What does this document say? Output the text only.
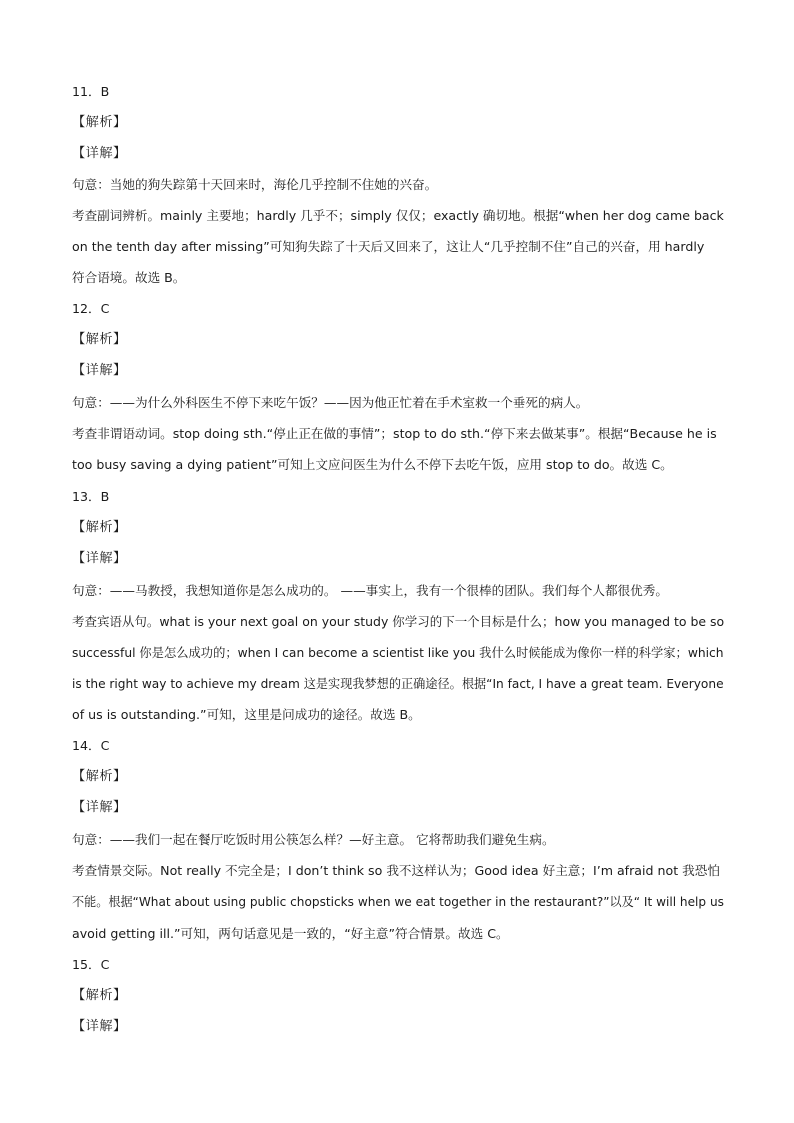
11．B
【解析】
【详解】
句意：当她的狗失踪第十天回来时，海伦几乎控制不住她的兴奋。
考查副词辨析。mainly 主要地；hardly 几乎不；simply 仅仅；exactly 确切地。根据“when her dog came back
on the tenth day after missing”可知狗失踪了十天后又回来了，这让人“几乎控制不住”自己的兴奋，用 hardly
符合语境。故选 B。
12．C
【解析】
【详解】
句意：——为什么外科医生不停下来吃午饭？——因为他正忙着在手术室救一个垂死的病人。
考查非谓语动词。stop doing sth.“停止正在做的事情”；stop to do sth.“停下来去做某事”。根据“Because he is
too busy saving a dying patient”可知上文应问医生为什么不停下去吃午饭，应用 stop to do。故选 C。
13．B
【解析】
【详解】
句意：——马教授，我想知道你是怎么成功的。 ——事实上，我有一个很棒的团队。我们每个人都很优秀。
考查宾语从句。what is your next goal on your study 你学习的下一个目标是什么；how you managed to be so
successful 你是怎么成功的；when I can become a scientist like you 我什么时候能成为像你一样的科学家；which
is the right way to achieve my dream 这是实现我梦想的正确途径。根据“In fact, I have a great team. Everyone
of us is outstanding.”可知，这里是问成功的途径。故选 B。
14．C
【解析】
【详解】
句意：——我们一起在餐厅吃饭时用公筷怎么样？—好主意。 它将帮助我们避免生病。
考查情景交际。Not really 不完全是；I don’t think so 我不这样认为；Good idea 好主意；I’m afraid not 我恐怕
不能。根据“What about using public chopsticks when we eat together in the restaurant?”以及“ It will help us
avoid getting ill.”可知，两句话意见是一致的，“好主意”符合情景。故选 C。
15．C
【解析】
【详解】
